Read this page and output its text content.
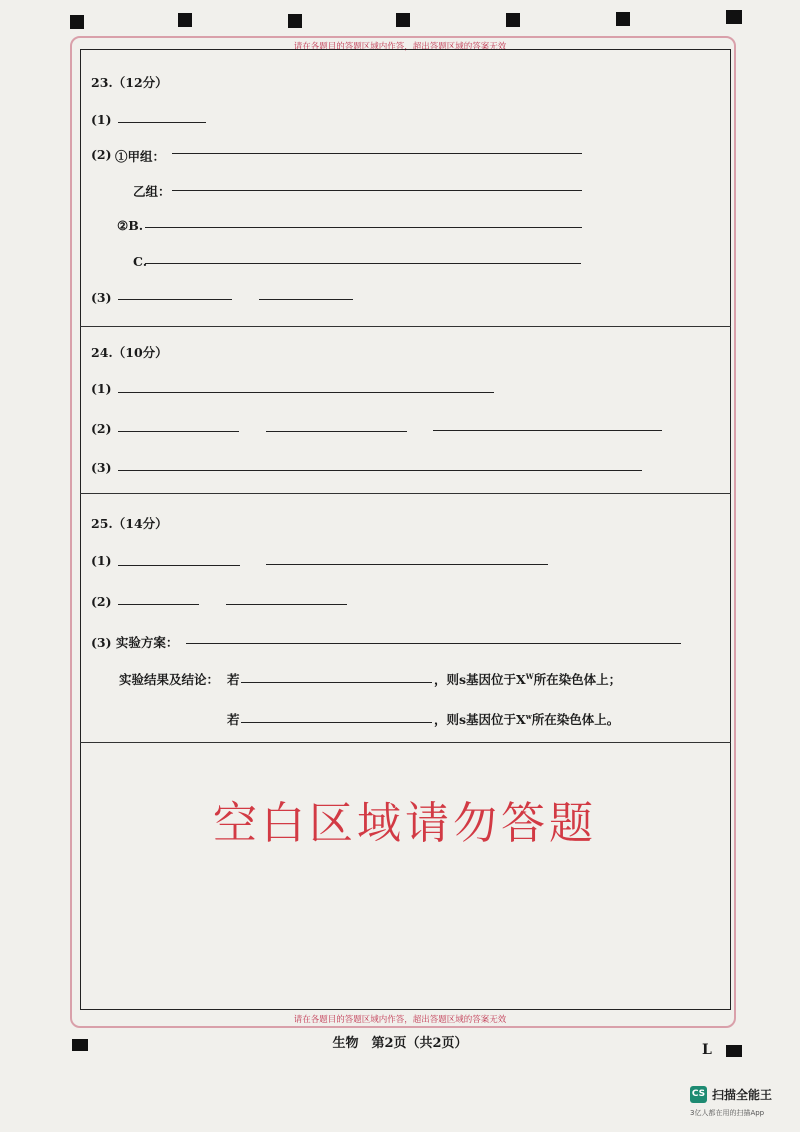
请在各题目的答题区域内作答，超出答题区域的答案无效
请在各题目的答题区域内作答，超出答题区域的答案无效
23.（12分）
(1)
(2) ①甲组：
乙组：
②B.
C.
(3)
24.（10分）
(1)
(2)
(3)
25.（14分）
(1)
(2)
(3) 实验方案：
实验结果及结论： 若	，则s基因位于$X^W$所在染色体上；
若	，则s基因位于$X^w$所在染色体上。
空白区域请勿答题
生物　第2页（共2页）	L
CS 扫描全能王
3亿人都在用的扫描App
